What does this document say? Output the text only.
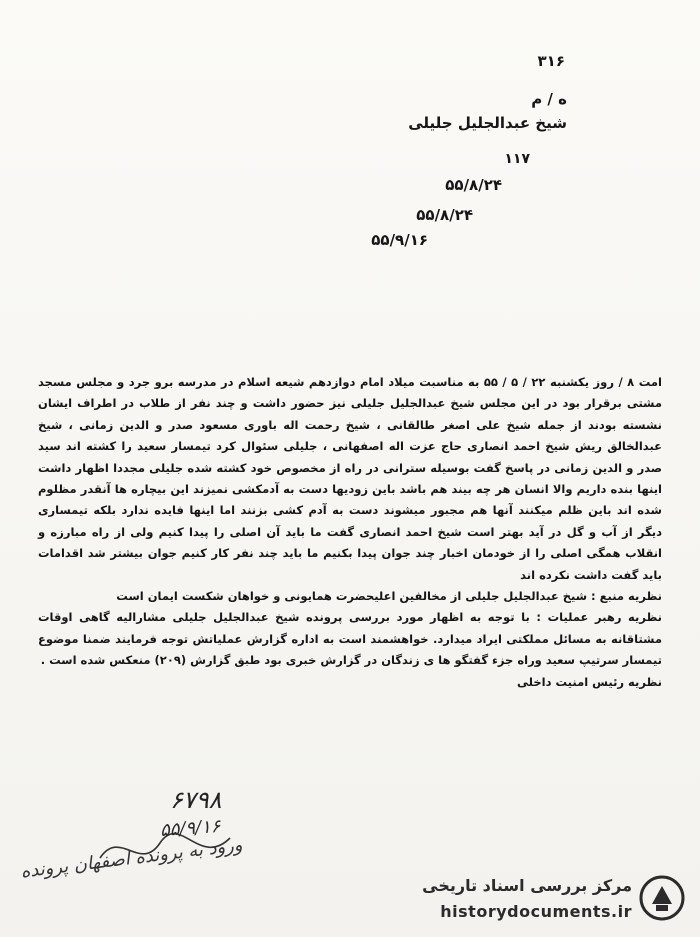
۳۱۶
ه / م
شیخ عبدالجلیل جلیلی
۱۱۷
۵۵/۸/۲۴
۵۵/۸/۲۴
۵۵/۹/۱۶

امت ۸ / روز یکشنبه ۲۲ / ۵ / ۵۵ به مناسبت میلاد امام دوازدهم شیعه اسلام در مدرسه برو جرد و مجلس مسجد مشتی برقرار بود در این مجلس شیخ عبدالجلیل جلیلی نیز حضور داشت و چند نفر از طلاب در اطراف ایشان نشسته بودند از جمله شیخ علی اصغر طالقانی ، شیخ رحمت اله باوری مسعود صدر و الدین زمانی ، شیخ عبدالخالق ریش شیخ احمد انصاری حاج عزت اله اصفهانی ، جلیلی سئوال کرد تیمسار سعید را کشته اند سید صدر و الدین زمانی در پاسخ گفت بوسیله سترانی در راه از مخصوص خود کشته شده جلیلی مجددا اظهار داشت اینها بنده داریم والا انسان هر چه بیند هم باشد باین زودیها دست به آدمکشی نمیزند این بیچاره ها آنقدر مظلوم شده اند باین ظلم میکنند آنها هم مجبور میشوند دست به آدم کشی بزنند اما اینها فایده ندارد بلکه تیمساری دیگر از آب و گل در آید بهتر است شیخ احمد انصاری گفت ما باید آن اصلی را پیدا کنیم ولی از راه مبارزه و انقلاب همگی اصلی را از خودمان اخبار چند جوان پیدا بکنیم ما باید چند نفر کار کنیم جوان بیشتر شد اقدامات باید گفت داشت نکرده اند

نظریه منبع : شیخ عبدالجلیل جلیلی از مخالفین اعلیحضرت همایونی و خواهان شکست ایمان است

نظریه رهبر عملیات : با توجه به اظهار مورد بررسی پرونده شیخ عبدالجلیل جلیلی مشارالیه گاهی اوقات مشتاقانه به مسائل مملکتی ایراد میدارد. خواهشمند است به اداره گزارش عملیاتش توجه فرمایند ضمنا موضوع تیمسار سرتیپ سعید وراه جزء گفتگو ها ی زندگان در گزارش خبری بود طبق گزارش (۲۰۹) منعکس شده است .

نظریه رئیس امنیت داخلی

۶۷۹۸
۵۵/۹/۱۶
ورود به پرونده اصفهان پرونده
مرکز بررسی اسناد تاریخی
historydocuments.ir
